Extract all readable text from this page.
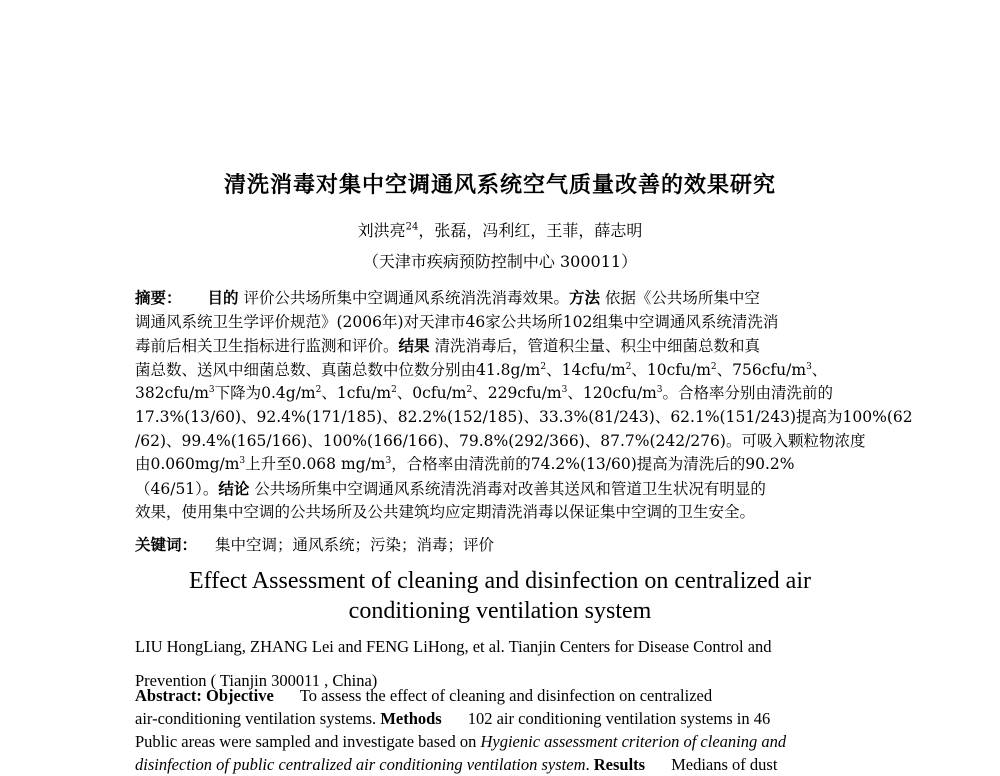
清洗消毒对集中空调通风系统空气质量改善的效果研究
刘洪亮$^{24}$，张磊，冯利红，王菲，薛志明
（天津市疾病预防控制中心 300011）

摘要： 目的 评价公共场所集中空调通风系统消洗消毒效果。方法 依据《公共场所集中空

调通风系统卫生学评价规范》(2006年)对天津市46家公共场所102组集中空调通风系统清洗消

毒前后相关卫生指标进行监测和评价。结果 清洗消毒后，管道积尘量、积尘中细菌总数和真

菌总数、送风中细菌总数、真菌总数中位数分别由$41.8g/m^2$、$14cfu/m^2$、$10cfu/m^2$、$756cfu/m^3$、

$382cfu/m^3$下降为$0.4g/m^2$、$1cfu/m^2$、$0cfu/m^2$、$229cfu/m^3$、$120cfu/m^3$。合格率分别由清洗前的

17.3%(13/60)、92.4%(171/185)、82.2%(152/185)、33.3%(81/243)、62.1%(151/243)提高为100%(62

/62)、99.4%(165/166)、100%(166/166)、79.8%(292/366)、87.7%(242/276)。可吸入颗粒物浓度

由$0.060mg/m^3$上升至0.068 $mg/m^3$，合格率由清洗前的74.2%(13/60)提高为清洗后的90.2%

（46/51）。结论 公共场所集中空调通风系统清洗消毒对改善其送风和管道卫生状况有明显的

效果，使用集中空调的公共场所及公共建筑均应定期清洗消毒以保证集中空调的卫生安全。

关键词： 集中空调；通风系统；污染；消毒；评价
Effect Assessment of cleaning and disinfection on centralized air
conditioning ventilation system

LIU HongLiang, ZHANG Lei and FENG LiHong, et al. Tianjin Centers for Disease Control and

Prevention ( Tianjin 300011 , China)

Abstract: Objective To assess the effect of cleaning and disinfection on centralized

air-conditioning ventilation systems. Methods 102 air conditioning ventilation systems in 46

Public areas were sampled and investigate based on Hygienic assessment criterion of cleaning and

disinfection of public centralized air conditioning ventilation system. Results Medians of dust
